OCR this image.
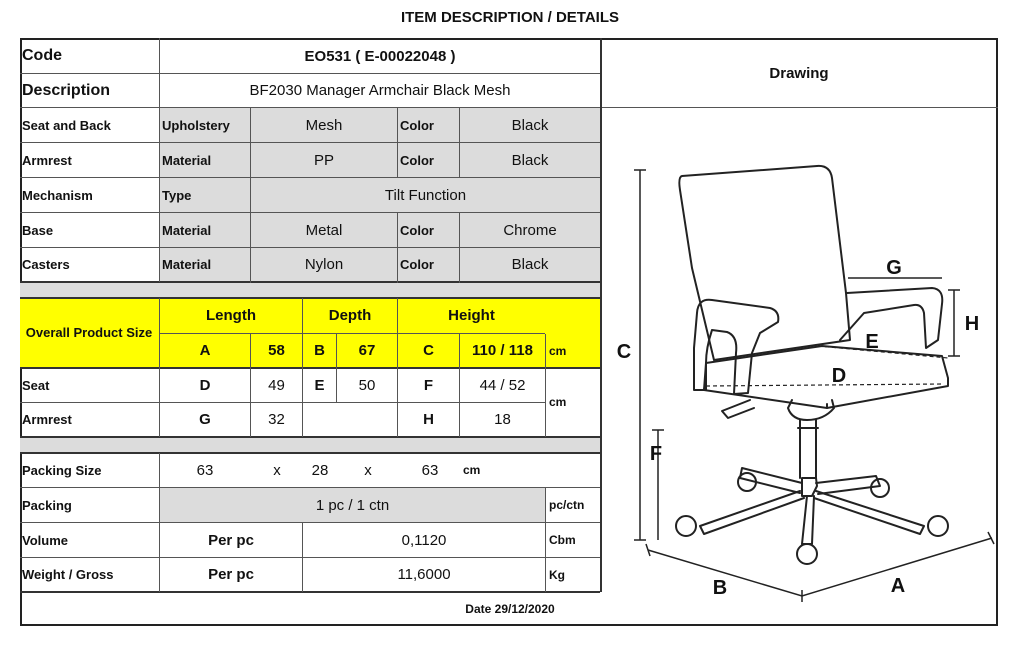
ITEM DESCRIPTION / DETAILS
Code	EO531 ( E-00022048 )
Description	BF2030 Manager Armchair Black Mesh
Drawing
Seat and Back	Upholstery	Mesh	Color	Black
Armrest	Material	PP	Color	Black
Mechanism	Type	Tilt Function
Base	Material	Metal	Color	Chrome
Casters	Material	Nylon	Color	Black
Overall Product Size
Length	Depth	Height
A	58	B	67	C	110 / 118	cm
Seat	D	49	E	50	F	44 / 52
cm
Armrest	G	32	H	18
Packing Size	63	x	28	x	63	cm
Packing	1 pc / 1 ctn	pc/ctn
Volume	Per pc	0,1120	Cbm
Weight / Gross	Per pc	11,6000	Kg
Date 29/12/2020
C
F
B	A
G
H
E
D
